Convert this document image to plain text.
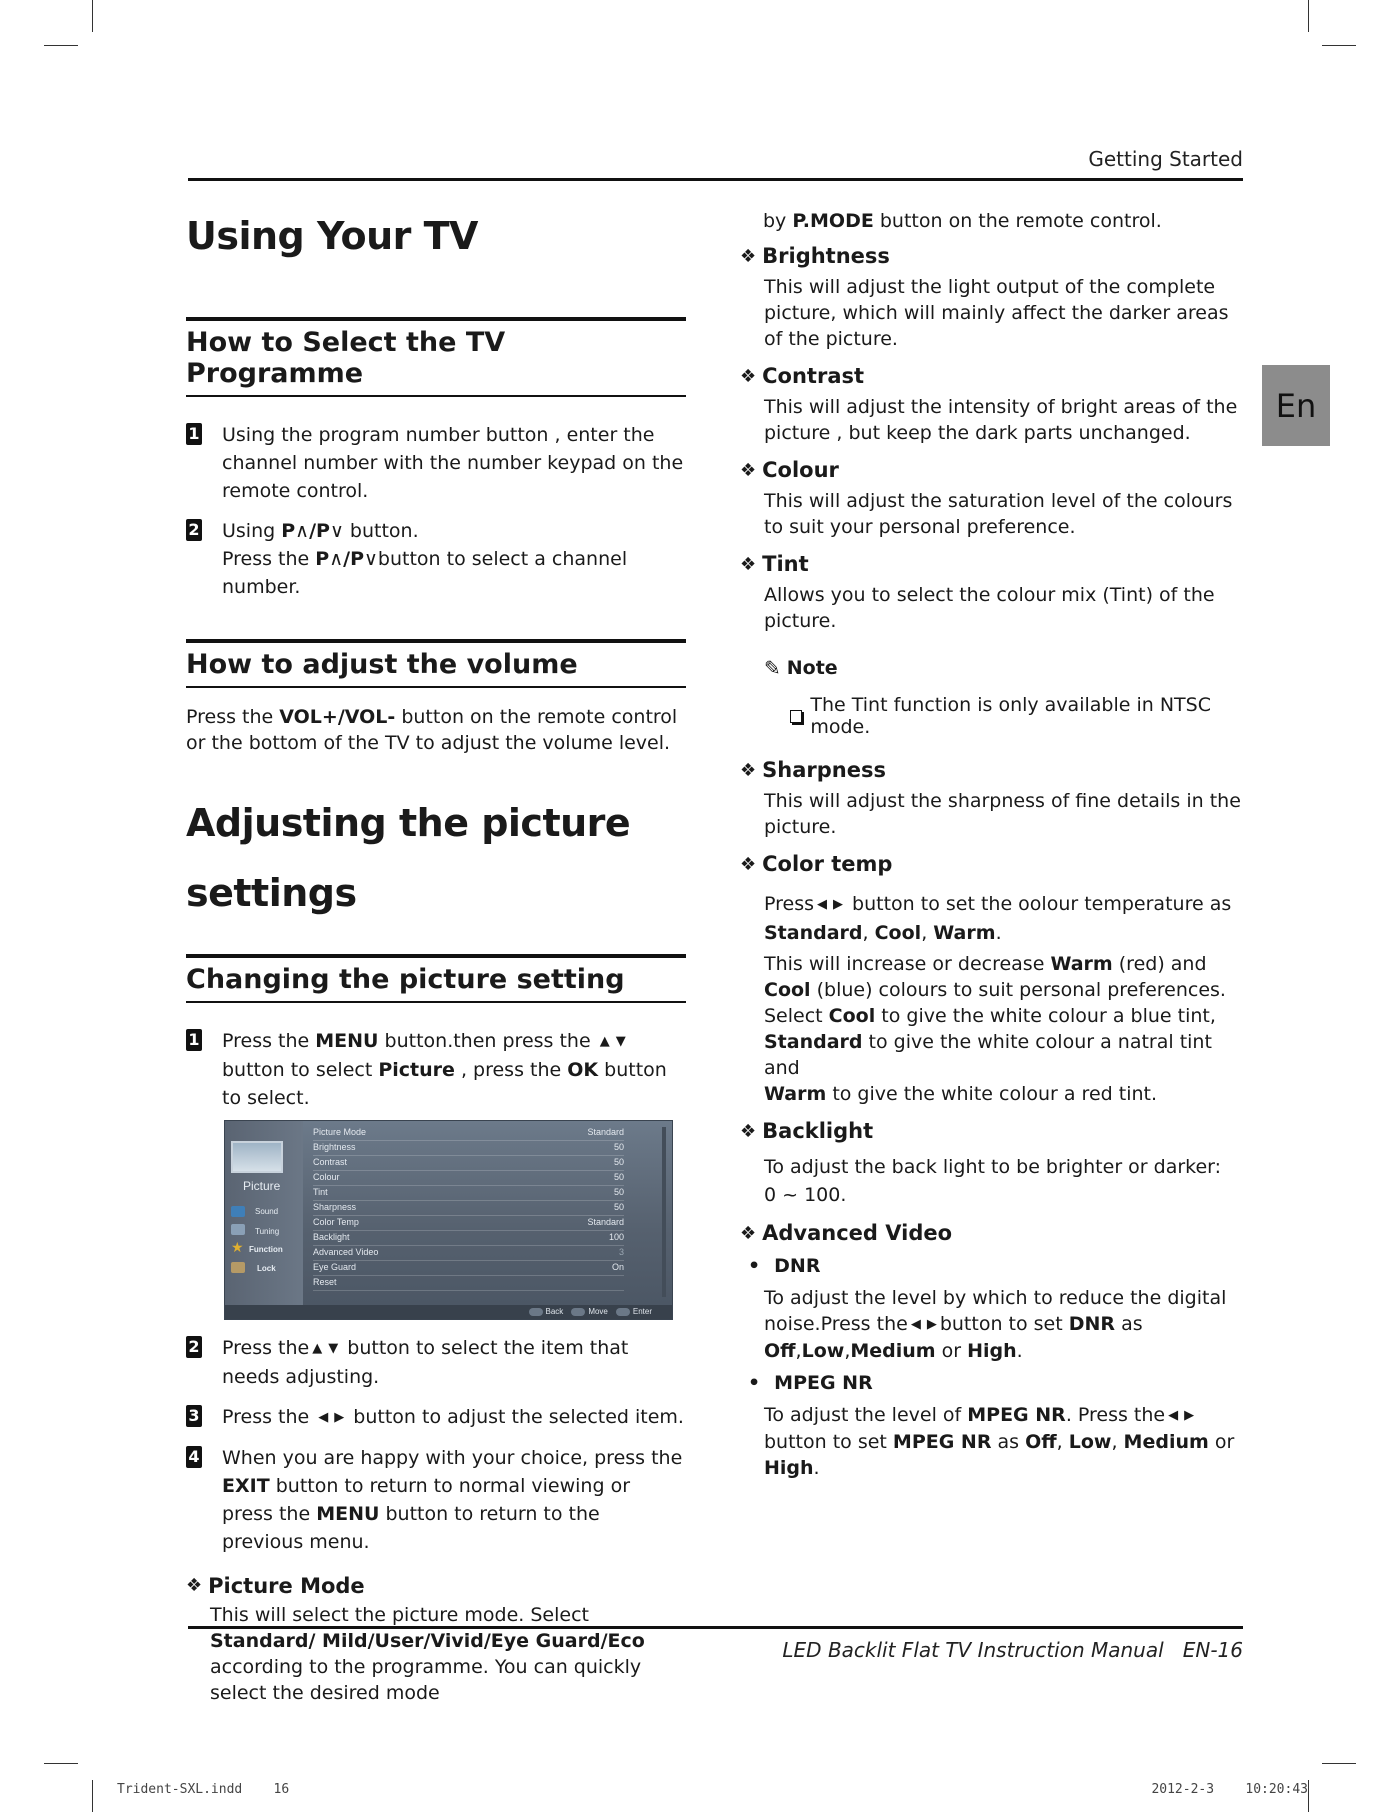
Getting Started
En
Using Your TV
How to Select the TV Programme
1 Using the program number button , enter the channel number with the number keypad on the remote control.

2 Using P∧/P∨ button.

Press the P∧/P∨button to select a channel number.

How to adjust the volume

Press the VOL+/VOL- button on the remote control or the bottom of the TV to adjust the volume level.

Adjusting the picture
settings
Changing the picture setting
1 Press the MENU button.then press the ▲ ▼ button to select Picture , press the OK button to select.

Picture
Sound
Tuning
★ Function
Lock
Picture Mode	Standard
Brightness	50
Contrast	50
Colour	50
Tint	50
Sharpness	50
Color Temp	Standard
Backlight	100
Advanced Video	3
Eye Guard	On
Reset
Back	Move	Enter
2 Press the ▲ ▼ button to select the item that needs adjusting.

3 Press the ◀ ▶ button to adjust the selected item.

4 When you are happy with your choice, press the EXIT button to return to normal viewing or press the MENU button to return to the previous menu.

❖ Picture Mode

This will select the picture mode. Select Standard/ Mild/User/Vivid/Eye Guard/Eco according to the programme. You can quickly select the desired mode

by P.MODE button on the remote control.

❖ Brightness

This will adjust the light output of the complete picture, which will mainly affect the darker areas of the picture.

❖ Contrast

This will adjust the intensity of bright areas of the picture , but keep the dark parts unchanged.

❖ Colour

This will adjust the saturation level of the colours to suit your personal preference.

❖ Tint

Allows you to select the colour mix (Tint) of the picture.

✎ Note
The Tint function is only available in NTSC mode.
❖ Sharpness

This will adjust the sharpness of fine details in the picture.

❖ Color temp

Press ◀ ▶ button to set the oolour temperature as
Standard, Cool, Warm.

This will increase or decrease Warm (red) and Cool (blue) colours to suit personal preferences.
Select Cool to give the white colour a blue tint,
Standard to give the white colour a natral tint and
Warm to give the white colour a red tint.

❖ Backlight

To adjust the back light to be brighter or darker:
0 ~ 100.

❖ Advanced Video
• DNR

To adjust the level by which to reduce the digital noise.Press the ◀ ▶ button to set DNR as Off,Low,Medium or High.

• MPEG NR

To adjust the level of MPEG NR. Press the ◀ ▶button to set MPEG NR as Off, Low, Medium or High.

LED Backlit Flat TV Instruction Manual EN-16
Trident-SXL.indd 16	2012-2-3 10:20:43
